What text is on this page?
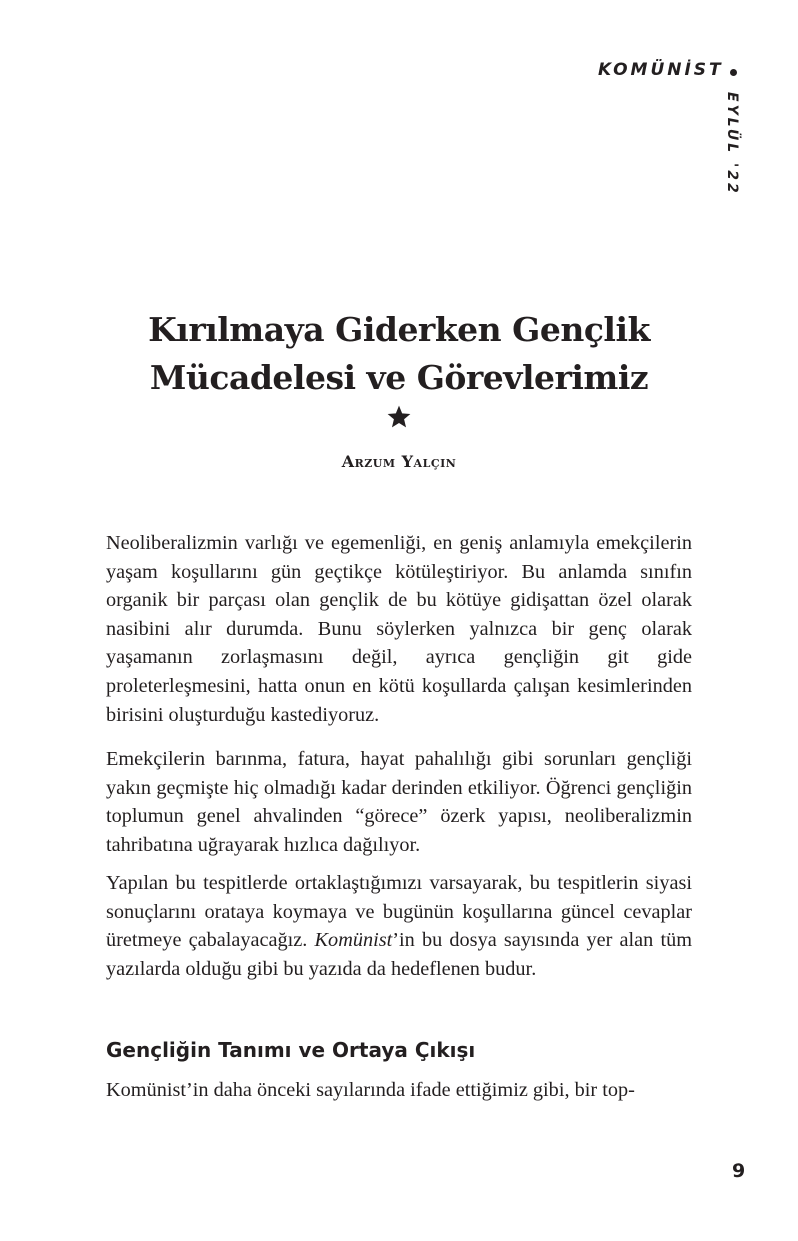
KOMÜNİST
EYLÜL '22
Kırılmaya Giderken Gençlik
Mücadelesi ve Görevlerimiz
Arzum Yalçın

Neoliberalizmin varlığı ve egemenliği, en geniş anlamıyla emekçilerin yaşam koşullarını gün geçtikçe kötüleştiriyor. Bu anlamda sınıfın organik bir parçası olan gençlik de bu kötüye gidişattan özel olarak nasibini alır durumda. Bunu söylerken yalnızca bir genç olarak yaşamanın zorlaşmasını değil, ayrıca gençliğin git gide proleterleşmesini, hatta onun en kötü koşullarda çalışan kesimlerinden birisini oluşturduğu kastediyoruz.

Emekçilerin barınma, fatura, hayat pahalılığı gibi sorunları gençliği yakın geçmişte hiç olmadığı kadar derinden etkiliyor. Öğrenci gençliğin toplumun genel ahvalinden “görece” özerk yapısı, neoliberalizmin tahribatına uğrayarak hızlıca dağılıyor.

Yapılan bu tespitlerde ortaklaştığımızı varsayarak, bu tespitlerin siyasi sonuçlarını orataya koymaya ve bugünün koşullarına güncel cevaplar üretmeye çabalayacağız. Komünist’in bu dosya sayısında yer alan tüm yazılarda olduğu gibi bu yazıda da hedeflenen budur.

Gençliğin Tanımı ve Ortaya Çıkışı

Komünist’in daha önceki sayılarında ifade ettiğimiz gibi, bir top-

9
